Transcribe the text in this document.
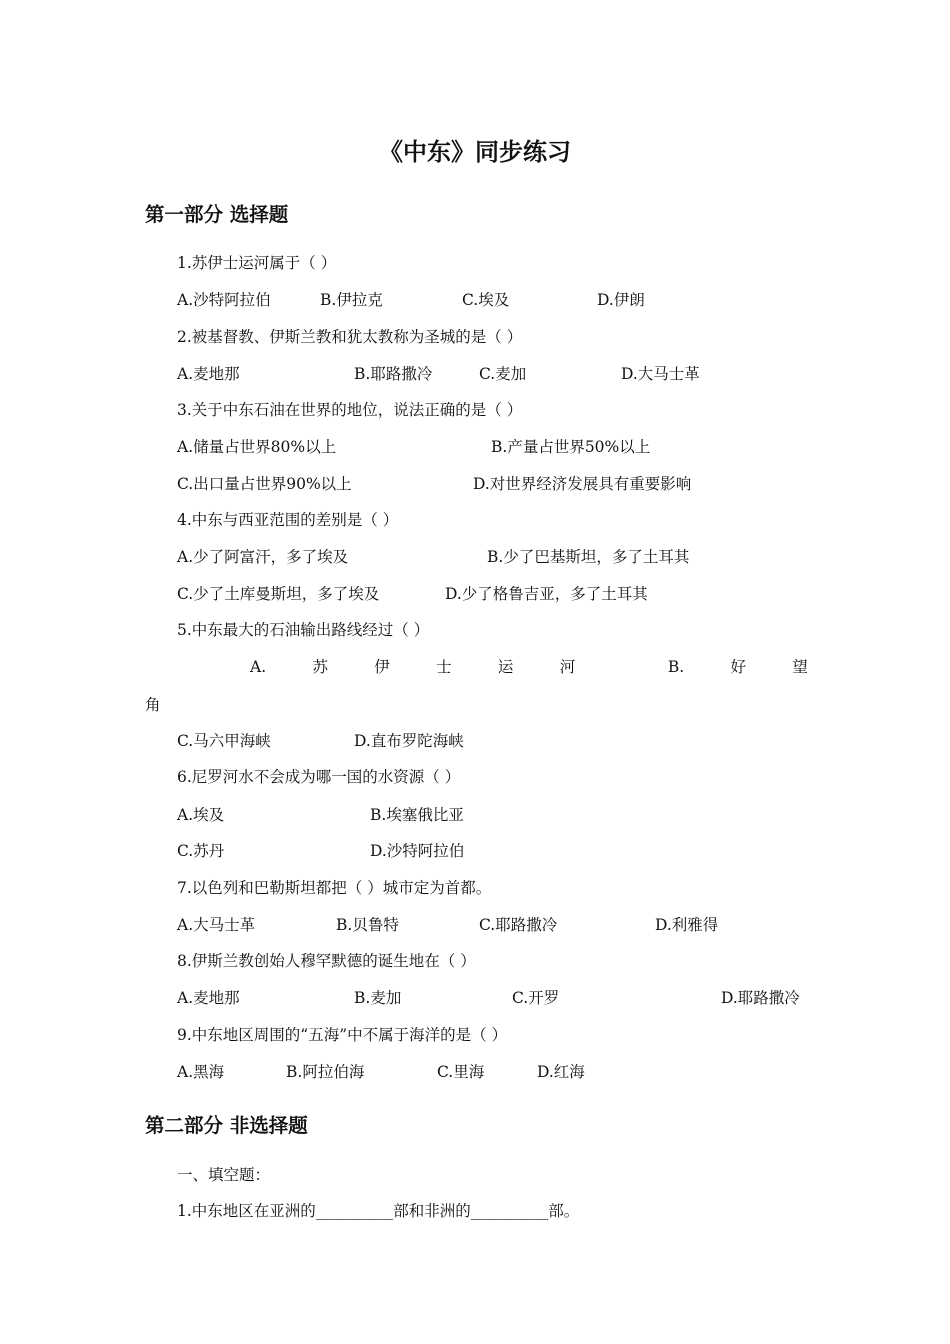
《中东》同步练习
第一部分 选择题
1.苏伊士运河属于（ ）
A.沙特阿拉伯	B.伊拉克	C.埃及	D.伊朗
2.被基督教、伊斯兰教和犹太教称为圣城的是（ ）
A.麦地那	B.耶路撒冷	C.麦加	D.大马士革
3.关于中东石油在世界的地位，说法正确的是（ ）
A.储量占世界80%以上	B.产量占世界50%以上
C.出口量占世界90%以上	D.对世界经济发展具有重要影响
4.中东与西亚范围的差别是（ ）
A.少了阿富汗，多了埃及	B.少了巴基斯坦，多了土耳其
C.少了土库曼斯坦，多了埃及	D.少了格鲁吉亚，多了土耳其
5.中东最大的石油输出路线经过（ ）
A.	苏	伊	士	运	河	B.	好	望
角
C.马六甲海峡	D.直布罗陀海峡
6.尼罗河水不会成为哪一国的水资源（ ）
A.埃及	B.埃塞俄比亚
C.苏丹	D.沙特阿拉伯
7.以色列和巴勒斯坦都把（ ）城市定为首都。
A.大马士革	B.贝鲁特	C.耶路撒冷	D.利雅得
8.伊斯兰教创始人穆罕默德的诞生地在（ ）
A.麦地那	B.麦加	C.开罗	D.耶路撒冷
9.中东地区周围的“五海”中不属于海洋的是（ ）
A.黑海	B.阿拉伯海	C.里海	D.红海
第二部分 非选择题
一、填空题：
1.中东地区在亚洲的__________部和非洲的__________部。
